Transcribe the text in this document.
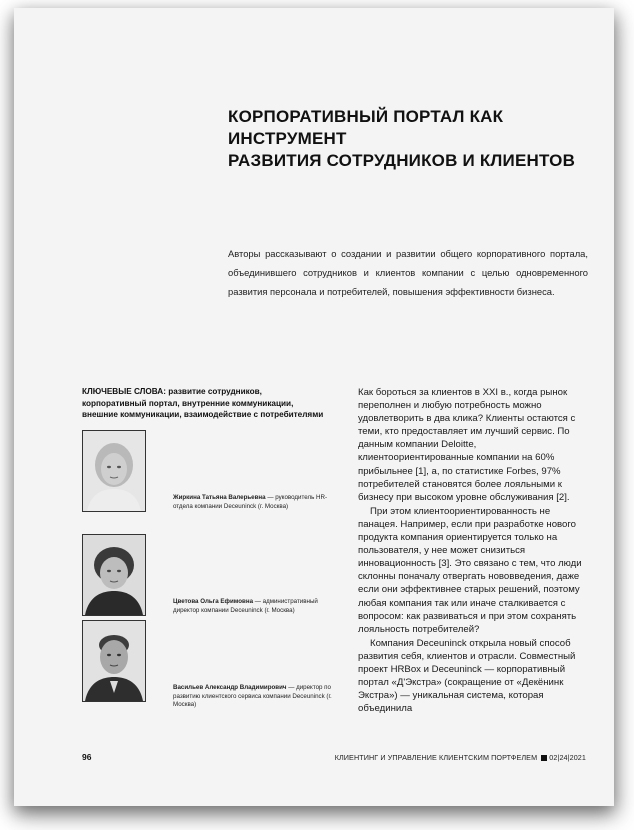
КОРПОРАТИВНЫЙ ПОРТАЛ КАК ИНСТРУМЕНТ
РАЗВИТИЯ СОТРУДНИКОВ И КЛИЕНТОВ

Авторы рассказывают о создании и развитии общего корпоративного портала, объединившего сотрудников и клиентов компании с целью одновременного развития персонала и потребителей, повышения эффективности бизнеса.

КЛЮЧЕВЫЕ СЛОВА: развитие сотрудников, корпоративный портал, внутренние коммуникации, внешние коммуникации, взаимодействие с потребителями

Жиркина Татьяна Валерьевна — руководитель HR-отдела компании Deceuninck (г. Москва)
Цветова Ольга Ефимовна — административный директор компании Deceuninck (г. Москва)
Васильев Александр Владимирович — директор по развитию клиентского сервиса компании Deceuninck (г. Москва)

Как бороться за клиентов в XXI в., когда рынок переполнен и любую потребность можно удовлетворить в два клика? Клиенты остаются с теми, кто предоставляет им лучший сервис. По данным компании Deloitte, клиентоориентированные компании на 60% прибыльнее [1], а, по статистике Forbes, 97% потребителей становятся более лояльными к бизнесу при высоком уровне обслуживания [2].

При этом клиентоориентированность не панацея. Например, если при разработке нового продукта компания ориентируется только на пользователя, у нее может снизиться инновационность [3]. Это связано с тем, что люди склонны поначалу отвергать нововведения, даже если они эффективнее старых решений, поэтому любая компания так или иначе сталкивается с вопросом: как развиваться и при этом сохранять лояльность потребителей?

Компания Deceuninck открыла новый способ развития себя, клиентов и отрасли. Совместный проект HRBox и Deceuninck — корпоративный портал «Д'Экстра» (сокращение от «Декёнинк Экстра») — уникальная система, которая объединила

96	КЛИЕНТИНГ И УПРАВЛЕНИЕ КЛИЕНТСКИМ ПОРТФЕЛЕМ 02|24|2021
